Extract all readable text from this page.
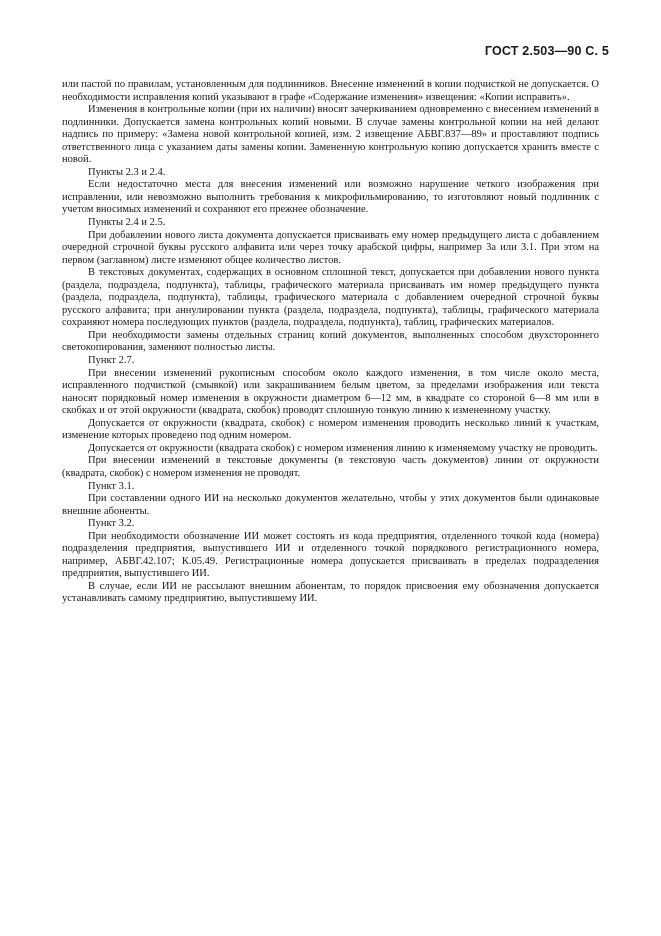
ГОСТ 2.503—90 С. 5

или пастой по правилам, установленным для подлинников. Внесение изменений в копии подчисткой не допускается. О необходимости исправления копий указывают в графе «Содержание изменения» извещения: «Копии исправить».

Изменения в контрольные копии (при их наличии) вносят зачеркиванием одновременно с внесением изменений в подлинники. Допускается замена контрольных копий новыми. В случае замены контрольной копии на ней делают надпись по примеру: «Замена новой контрольной копией, изм. 2 извещение АБВГ.837—89» и проставляют подпись ответственного лица с указанием даты замены копии. Замененную контрольную копию допускается хранить вместе с новой.

Пункты 2.3 и 2.4.

Если недостаточно места для внесения изменений или возможно нарушение четкого изображения при исправлении, или невозможно выполнить требования к микрофильмированию, то изготовляют новый подлинник с учетом вносимых изменений и сохраняют его прежнее обозначение.

Пункты 2.4 и 2.5.

При добавлении нового листа документа допускается присваивать ему номер предыдущего листа с добавлением очередной строчной буквы русского алфавита или через точку арабской цифры, например 3а или 3.1. При этом на первом (заглавном) листе изменяют общее количество листов.

В текстовых документах, содержащих в основном сплошной текст, допускается при добавлении нового пункта (раздела, подраздела, подпункта), таблицы, графического материала присваивать им номер предыдущего пункта (раздела, подраздела, подпункта), таблицы, графического материала с добавлением очередной строчной буквы русского алфавита; при аннулировании пункта (раздела, подраздела, подпункта), таблицы, графического материала сохраняют номера последующих пунктов (раздела, подраздела, подпункта), таблиц, графических материалов.

При необходимости замены отдельных страниц копий документов, выполненных способом двухстороннего светокопирования, заменяют полностью листы.

Пункт 2.7.

При внесении изменений рукописным способом около каждого изменения, в том числе около места, исправленного подчисткой (смывкой) или закрашиванием белым цветом, за пределами изображения или текста наносят порядковый номер изменения в окружности диаметром 6—12 мм, в квадрате со стороной 6—8 мм или в скобках и от этой окружности (квадрата, скобок) проводят сплошную тонкую линию к измененному участку.

Допускается от окружности (квадрата, скобок) с номером изменения проводить несколько линий к участкам, изменение которых проведено под одним номером.

Допускается от окружности (квадрата скобок) с номером изменения линию к изменяемому участку не проводить.

При внесении изменений в текстовые документы (в текстовую часть документов) линии от окружности (квадрата, скобок) с номером изменения не проводят.

Пункт 3.1.

При составлении одного ИИ на несколько документов желательно, чтобы у этих документов были одинаковые внешние абоненты.

Пункт 3.2.

При необходимости обозначение ИИ может состоять из кода предприятия, отделенного точкой кода (номера) подразделения предприятия, выпустившего ИИ и отделенного точкой порядкового регистрационного номера, например, АБВГ.42.107; К.05.49. Регистрационные номера допускается присваивать в пределах подразделения предприятия, выпустившего ИИ.

В случае, если ИИ не рассылают внешним абонентам, то порядок присвоения ему обозначения допускается устанавливать самому предприятию, выпустившему ИИ.
